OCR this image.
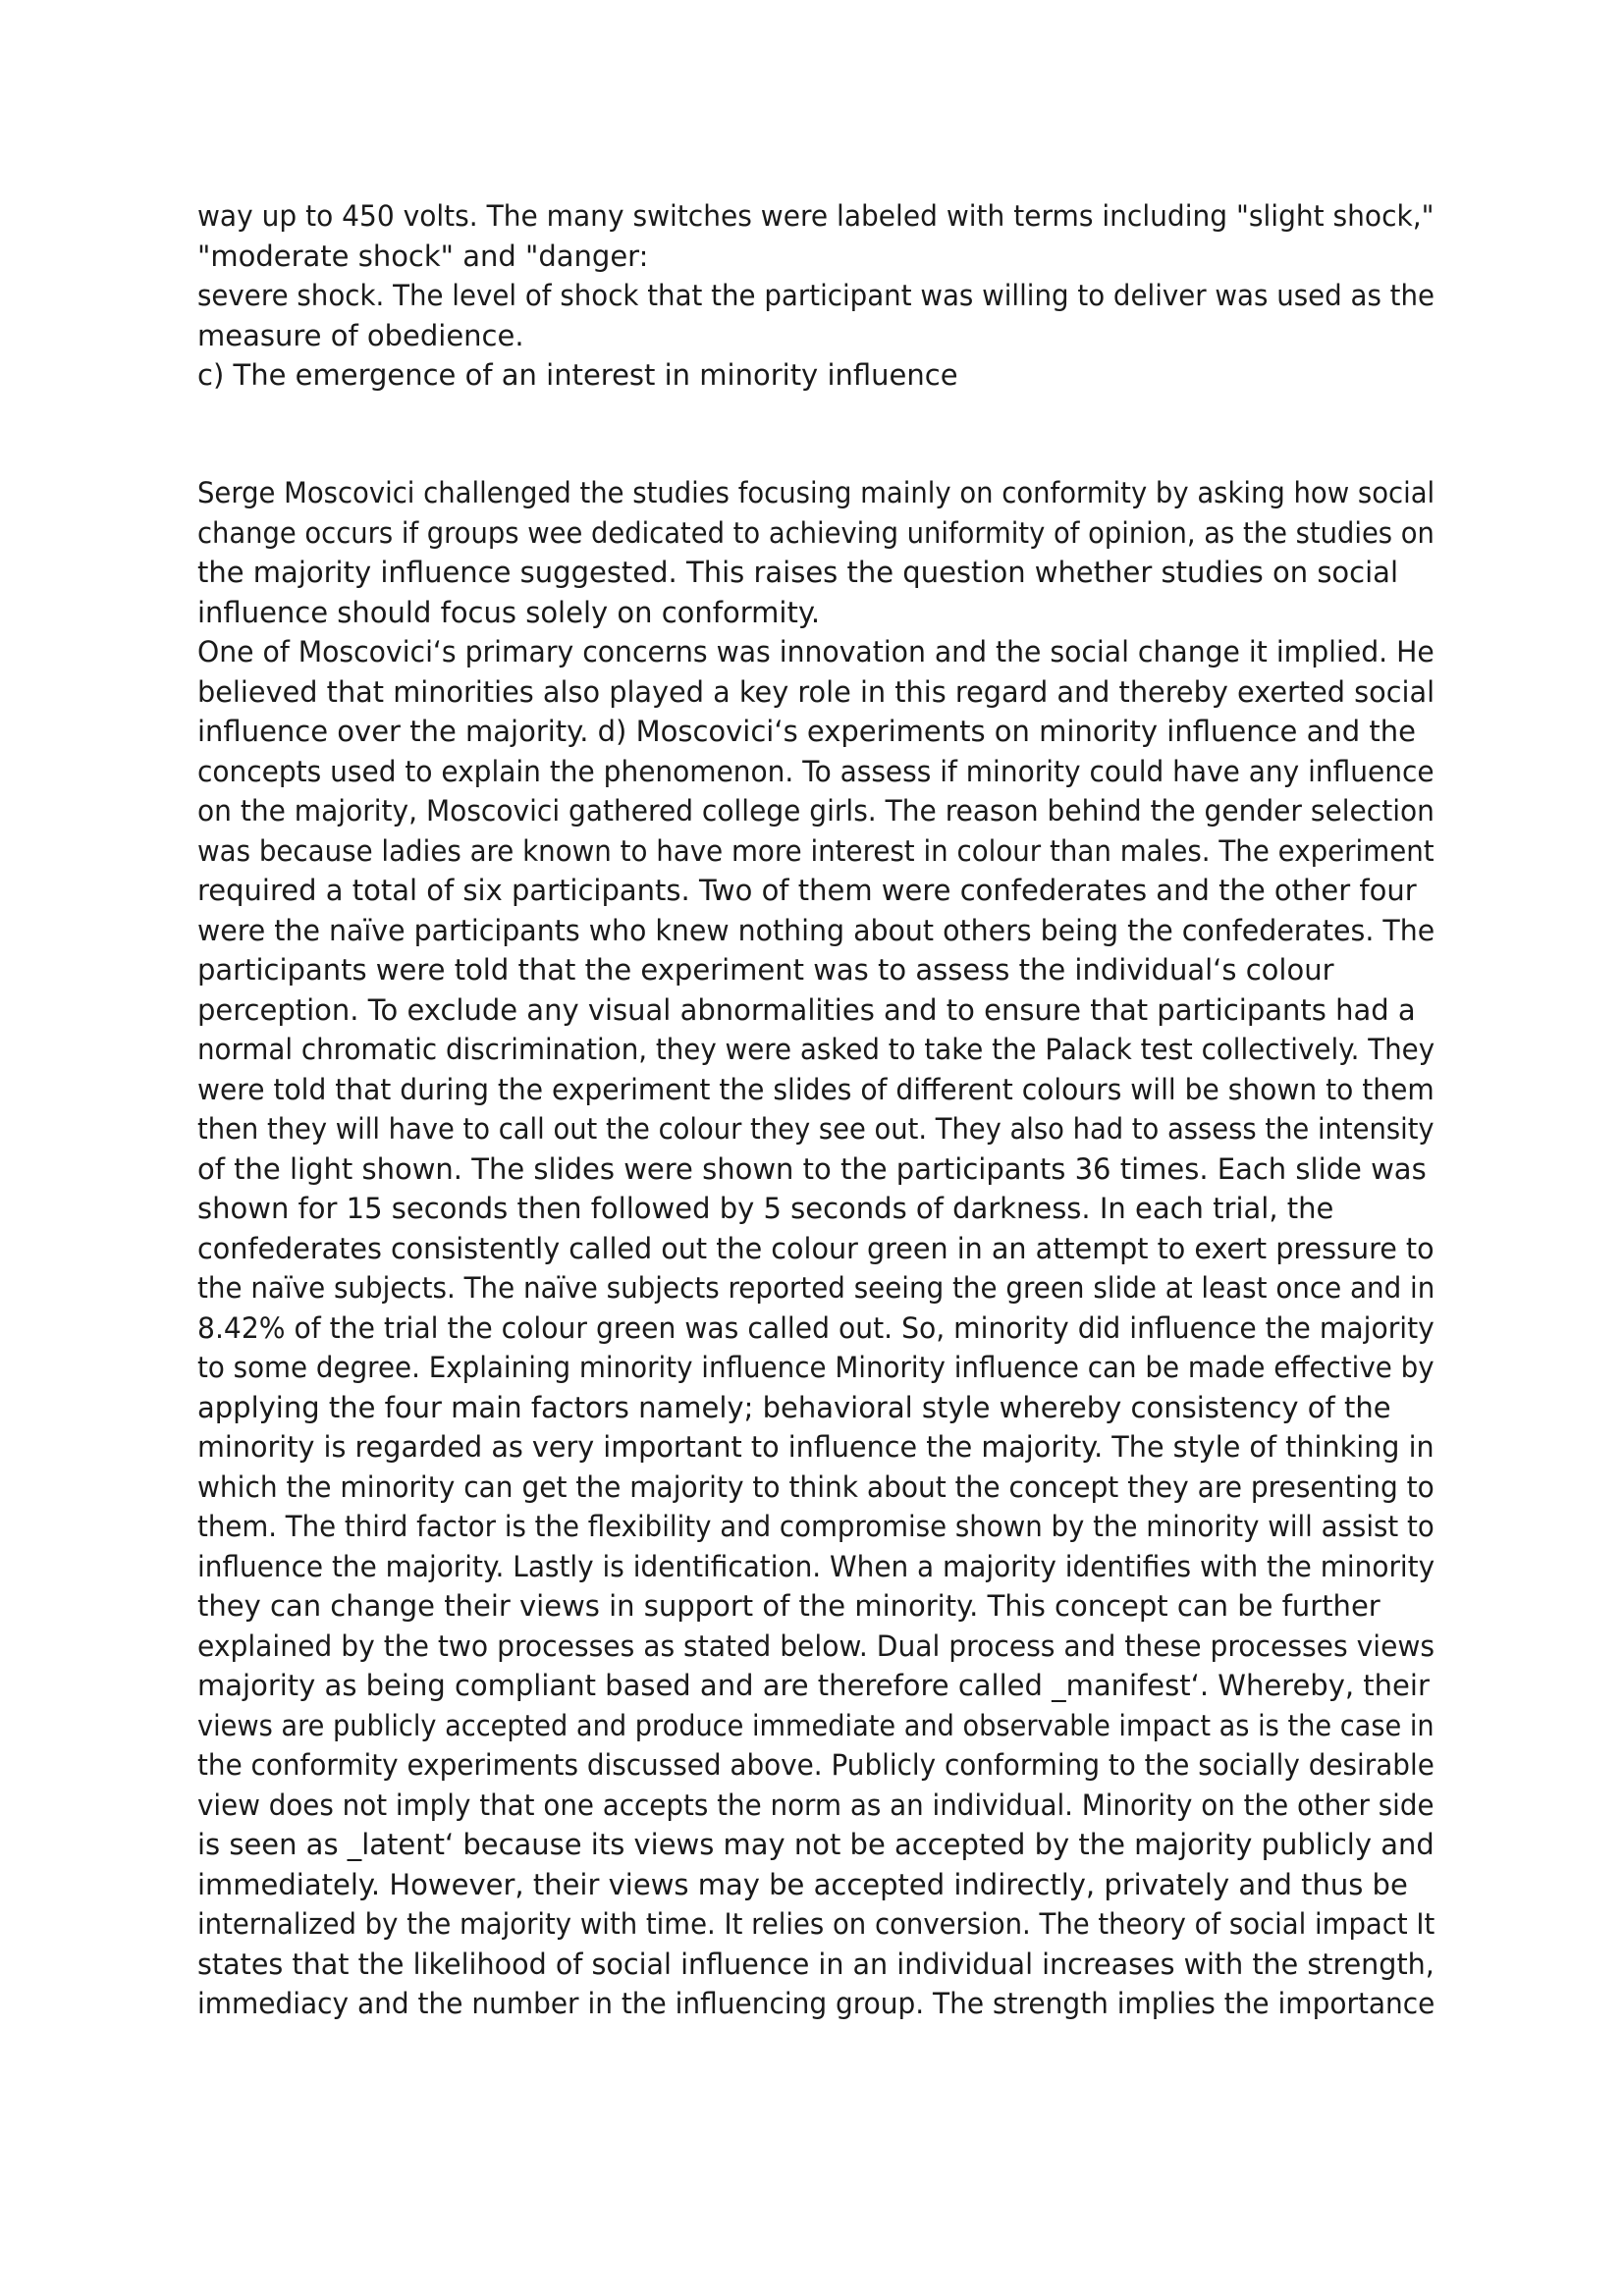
way up to 450 volts. The many switches were labeled with terms including "slight shock,"
"moderate shock" and "danger:
severe shock. The level of shock that the participant was willing to deliver was used as the
measure of obedience.
c) The emergence of an interest in minority influence
Serge Moscovici challenged the studies focusing mainly on conformity by asking how social
change occurs if groups wee dedicated to achieving uniformity of opinion, as the studies on
the majority influence suggested. This raises the question whether studies on social
influence should focus solely on conformity.
One of Moscovici‘s primary concerns was innovation and the social change it implied. He
believed that minorities also played a key role in this regard and thereby exerted social
influence over the majority. d) Moscovici‘s experiments on minority influence and the
concepts used to explain the phenomenon. To assess if minority could have any influence
on the majority, Moscovici gathered college girls. The reason behind the gender selection
was because ladies are known to have more interest in colour than males. The experiment
required a total of six participants. Two of them were confederates and the other four
were the naïve participants who knew nothing about others being the confederates. The
participants were told that the experiment was to assess the individual‘s colour
perception. To exclude any visual abnormalities and to ensure that participants had a
normal chromatic discrimination, they were asked to take the Palack test collectively. They
were told that during the experiment the slides of different colours will be shown to them
then they will have to call out the colour they see out. They also had to assess the intensity
of the light shown. The slides were shown to the participants 36 times. Each slide was
shown for 15 seconds then followed by 5 seconds of darkness. In each trial, the
confederates consistently called out the colour green in an attempt to exert pressure to
the naïve subjects. The naïve subjects reported seeing the green slide at least once and in
8.42% of the trial the colour green was called out. So, minority did influence the majority
to some degree. Explaining minority influence Minority influence can be made effective by
applying the four main factors namely; behavioral style whereby consistency of the
minority is regarded as very important to influence the majority. The style of thinking in
which the minority can get the majority to think about the concept they are presenting to
them. The third factor is the flexibility and compromise shown by the minority will assist to
influence the majority. Lastly is identification. When a majority identifies with the minority
they can change their views in support of the minority. This concept can be further
explained by the two processes as stated below. Dual process and these processes views
majority as being compliant based and are therefore called _manifest‘. Whereby, their
views are publicly accepted and produce immediate and observable impact as is the case in
the conformity experiments discussed above. Publicly conforming to the socially desirable
view does not imply that one accepts the norm as an individual. Minority on the other side
is seen as _latent‘ because its views may not be accepted by the majority publicly and
immediately. However, their views may be accepted indirectly, privately and thus be
internalized by the majority with time. It relies on conversion. The theory of social impact It
states that the likelihood of social influence in an individual increases with the strength,
immediacy and the number in the influencing group. The strength implies the importance
